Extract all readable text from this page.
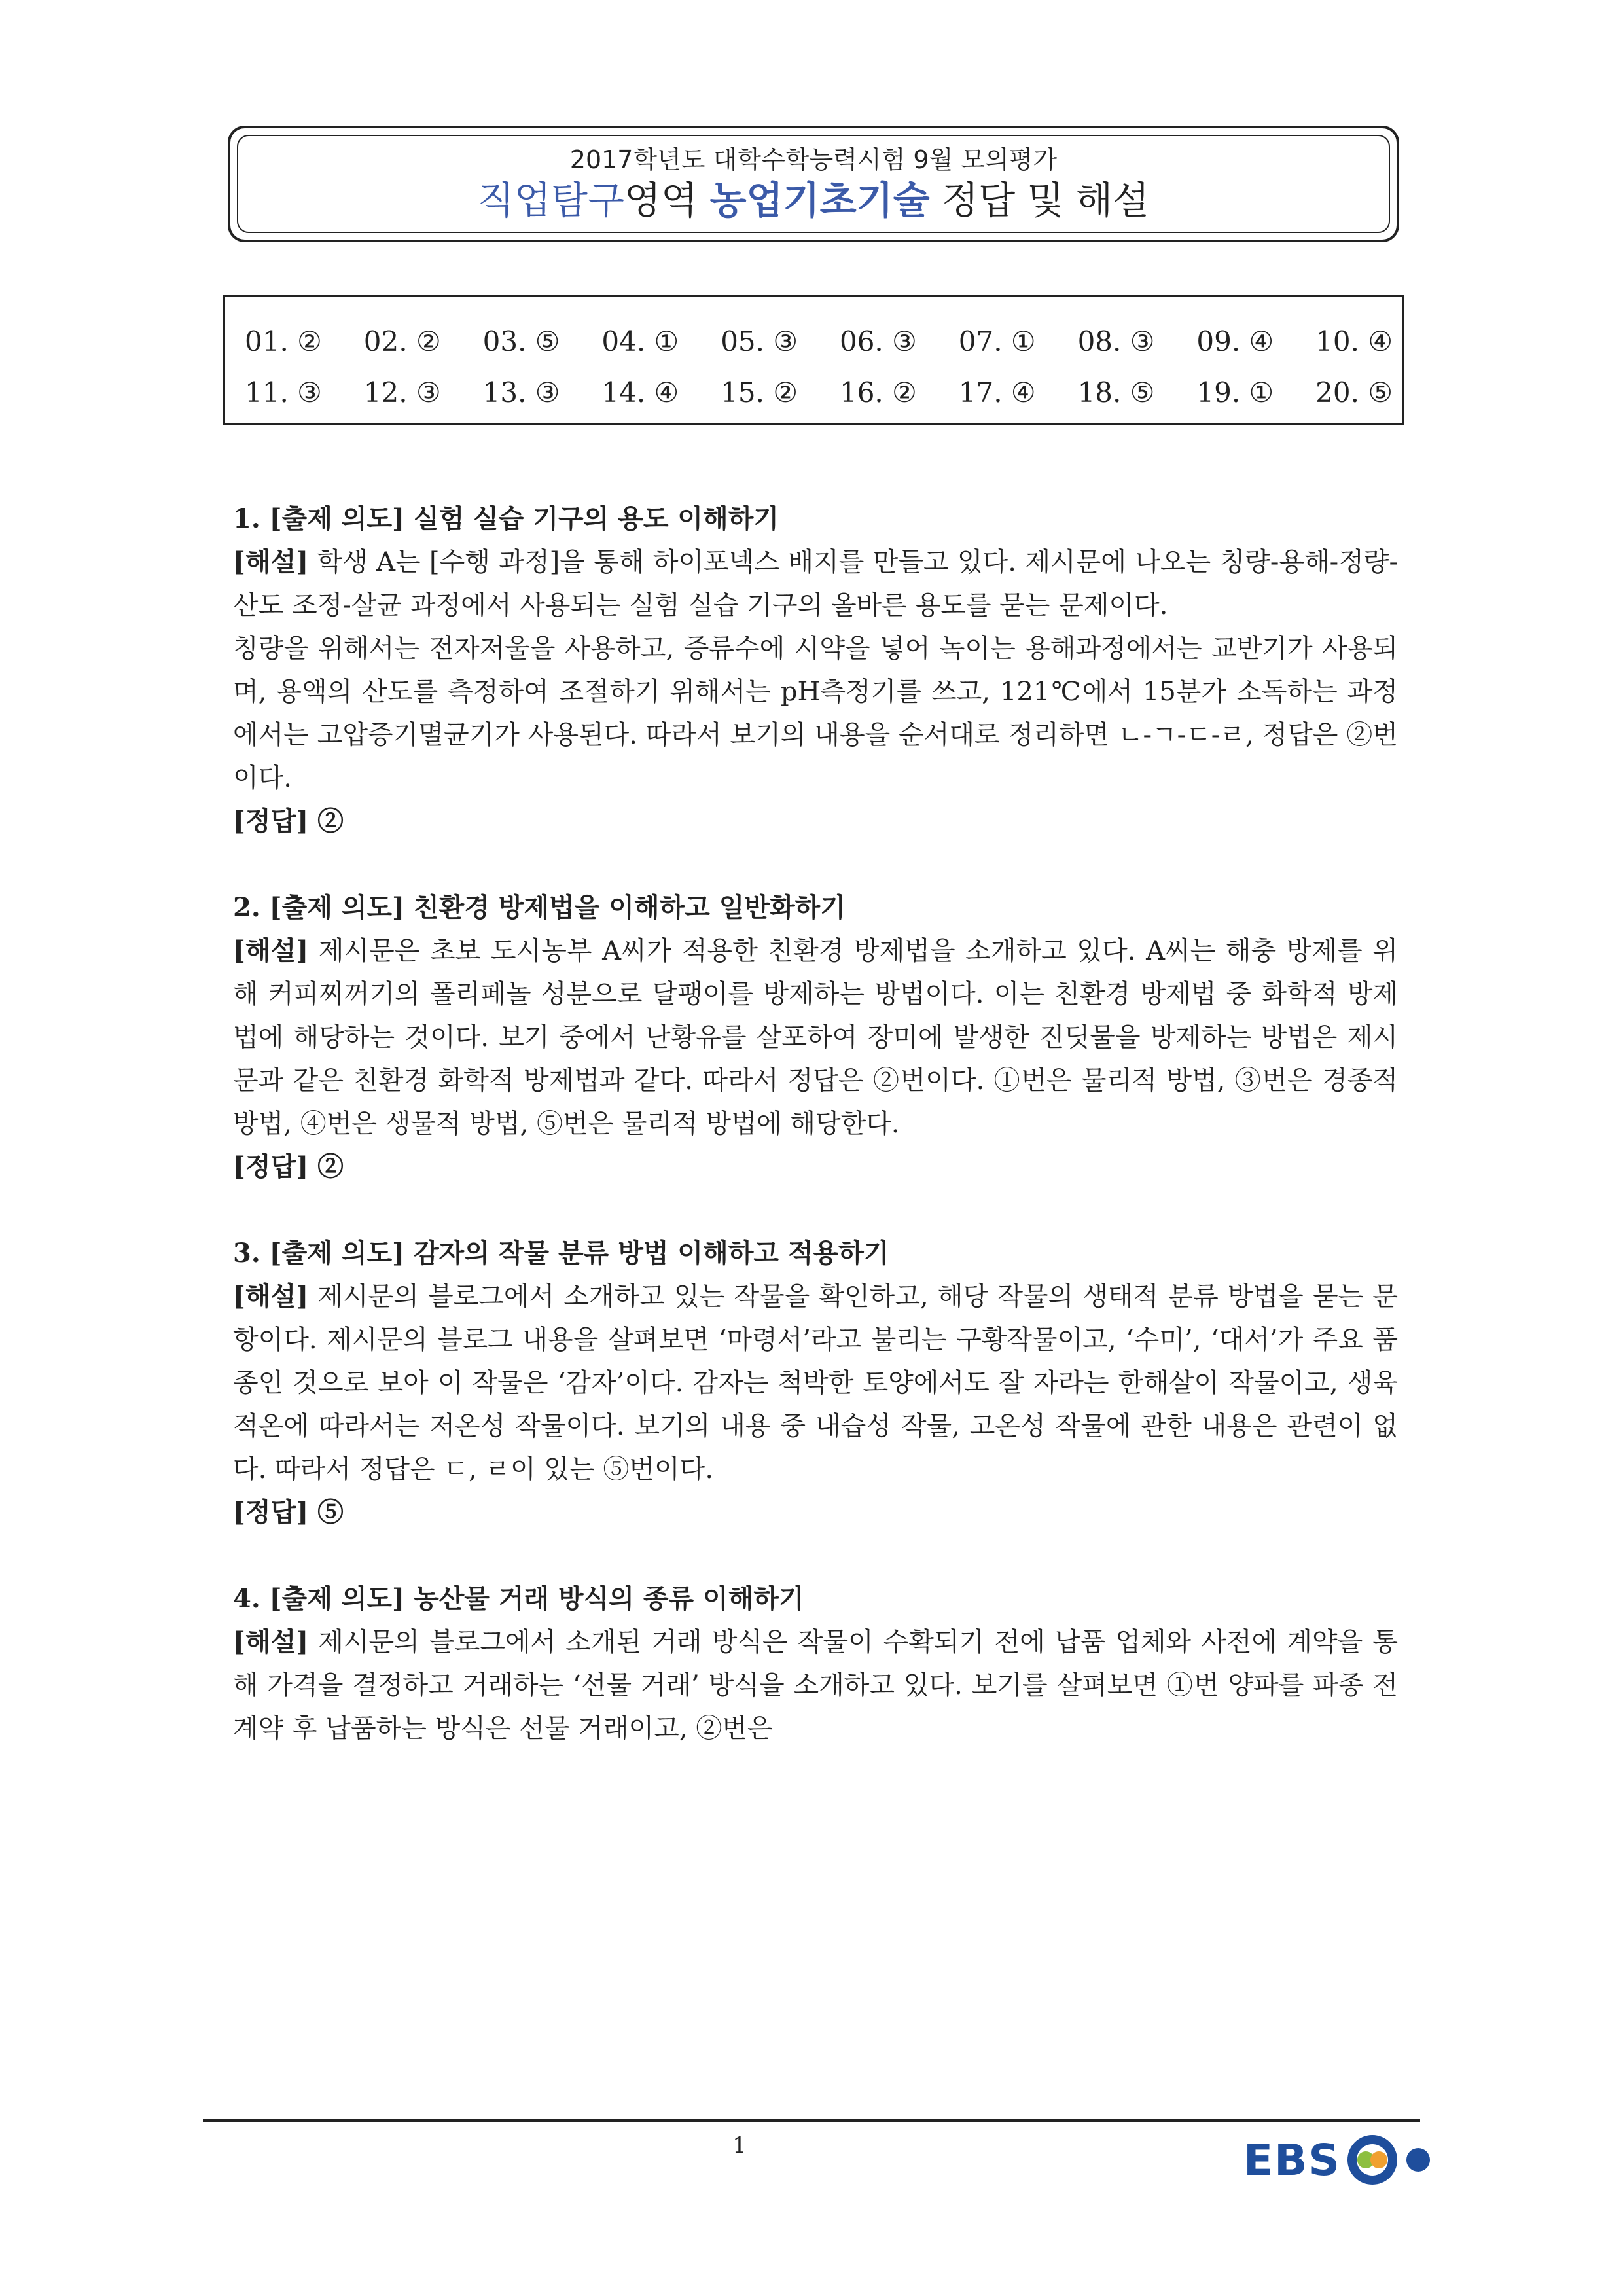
2017학년도 대학수학능력시험 9월 모의평가
직업탐구영역 농업기초기술 정답 및 해설
01. ② 02. ② 03. ⑤ 04. ① 05. ③ 06. ③ 07. ① 08. ③ 09. ④ 10. ④
11. ③ 12. ③ 13. ③ 14. ④ 15. ② 16. ② 17. ④ 18. ⑤ 19. ① 20. ⑤
1. [출제 의도] 실험 실습 기구의 용도 이해하기

[해설] 학생 A는 [수행 과정]을 통해 하이포넥스 배지를 만들고 있다. 제시문에 나오는 칭량-용해-정량-산도 조정-살균 과정에서 사용되는 실험 실습 기구의 올바른 용도를 묻는 문제이다.

칭량을 위해서는 전자저울을 사용하고, 증류수에 시약을 넣어 녹이는 용해과정에서는 교반기가 사용되며, 용액의 산도를 측정하여 조절하기 위해서는 pH측정기를 쓰고, 121℃에서 15분가 소독하는 과정에서는 고압증기멸균기가 사용된다. 따라서 보기의 내용을 순서대로 정리하면 ㄴ-ㄱ-ㄷ-ㄹ, 정답은 ②번이다.

[정답] ②
2. [출제 의도] 친환경 방제법을 이해하고 일반화하기

[해설] 제시문은 초보 도시농부 A씨가 적용한 친환경 방제법을 소개하고 있다. A씨는 해충 방제를 위해 커피찌꺼기의 폴리페놀 성분으로 달팽이를 방제하는 방법이다. 이는 친환경 방제법 중 화학적 방제법에 해당하는 것이다. 보기 중에서 난황유를 살포하여 장미에 발생한 진딧물을 방제하는 방법은 제시문과 같은 친환경 화학적 방제법과 같다. 따라서 정답은 ②번이다. ①번은 물리적 방법, ③번은 경종적 방법, ④번은 생물적 방법, ⑤번은 물리적 방법에 해당한다.

[정답] ②
3. [출제 의도] 감자의 작물 분류 방법 이해하고 적용하기

[해설] 제시문의 블로그에서 소개하고 있는 작물을 확인하고, 해당 작물의 생태적 분류 방법을 묻는 문항이다. 제시문의 블로그 내용을 살펴보면 ‘마령서’라고 불리는 구황작물이고, ‘수미’, ‘대서’가 주요 품종인 것으로 보아 이 작물은 ‘감자’이다. 감자는 척박한 토양에서도 잘 자라는 한해살이 작물이고, 생육 적온에 따라서는 저온성 작물이다. 보기의 내용 중 내습성 작물, 고온성 작물에 관한 내용은 관련이 없다. 따라서 정답은 ㄷ, ㄹ이 있는 ⑤번이다.

[정답] ⑤
4. [출제 의도] 농산물 거래 방식의 종류 이해하기

[해설] 제시문의 블로그에서 소개된 거래 방식은 작물이 수확되기 전에 납품 업체와 사전에 계약을 통해 가격을 결정하고 거래하는 ‘선물 거래’ 방식을 소개하고 있다. 보기를 살펴보면 ①번 양파를 파종 전 계약 후 납품하는 방식은 선물 거래이고, ②번은

1	EBS
